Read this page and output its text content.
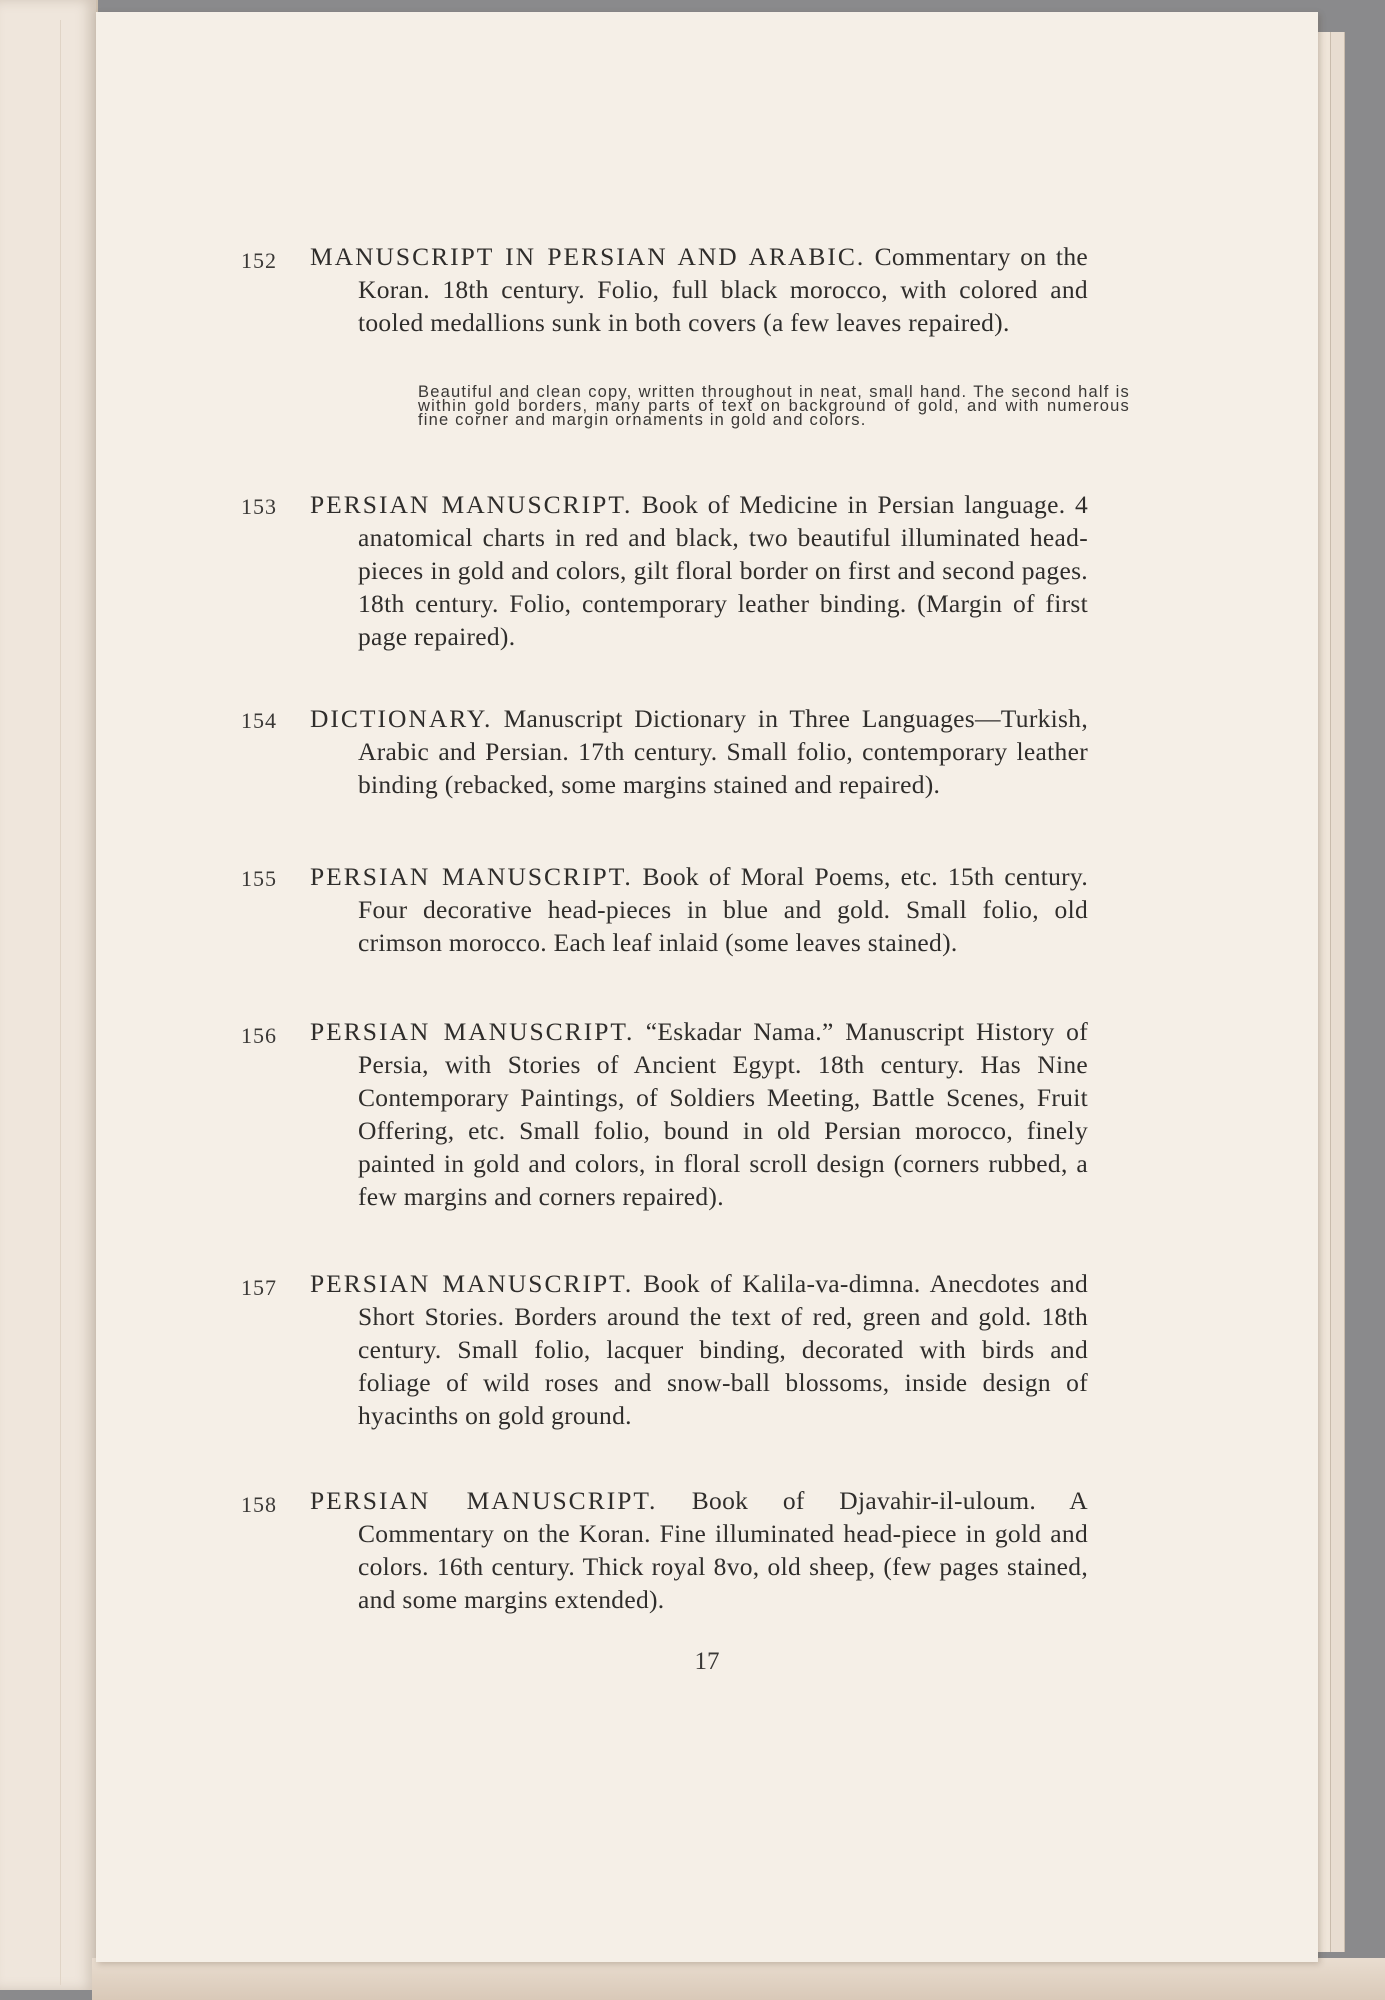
152 MANUSCRIPT IN PERSIAN AND ARABIC. Commentary on the Koran. 18th century. Folio, full black morocco, with colored and tooled medallions sunk in both covers (a few leaves repaired).
Beautiful and clean copy, written throughout in neat, small hand. The second half is within gold borders, many parts of text on background of gold, and with numerous fine corner and margin ornaments in gold and colors.
153 PERSIAN MANUSCRIPT. Book of Medicine in Persian language. 4 anatomical charts in red and black, two beautiful illuminated head-pieces in gold and colors, gilt floral border on first and second pages. 18th century. Folio, contemporary leather binding. (Margin of first page repaired).
154 DICTIONARY. Manuscript Dictionary in Three Languages—Turkish, Arabic and Persian. 17th century. Small folio, contemporary leather binding (rebacked, some margins stained and repaired).
155 PERSIAN MANUSCRIPT. Book of Moral Poems, etc. 15th century. Four decorative head-pieces in blue and gold. Small folio, old crimson morocco. Each leaf inlaid (some leaves stained).
156 PERSIAN MANUSCRIPT. “Eskadar Nama.” Manuscript History of Persia, with Stories of Ancient Egypt. 18th century. Has Nine Contemporary Paintings, of Soldiers Meeting, Battle Scenes, Fruit Offering, etc. Small folio, bound in old Persian morocco, finely painted in gold and colors, in floral scroll design (corners rubbed, a few margins and corners repaired).
157 PERSIAN MANUSCRIPT. Book of Kalila-va-dimna. Anecdotes and Short Stories. Borders around the text of red, green and gold. 18th century. Small folio, lacquer binding, decorated with birds and foliage of wild roses and snow-ball blossoms, inside design of hyacinths on gold ground.
158 PERSIAN MANUSCRIPT. Book of Djavahir-il-uloum. A Commentary on the Koran. Fine illuminated head-piece in gold and colors. 16th century. Thick royal 8vo, old sheep, (few pages stained, and some margins extended).
17
